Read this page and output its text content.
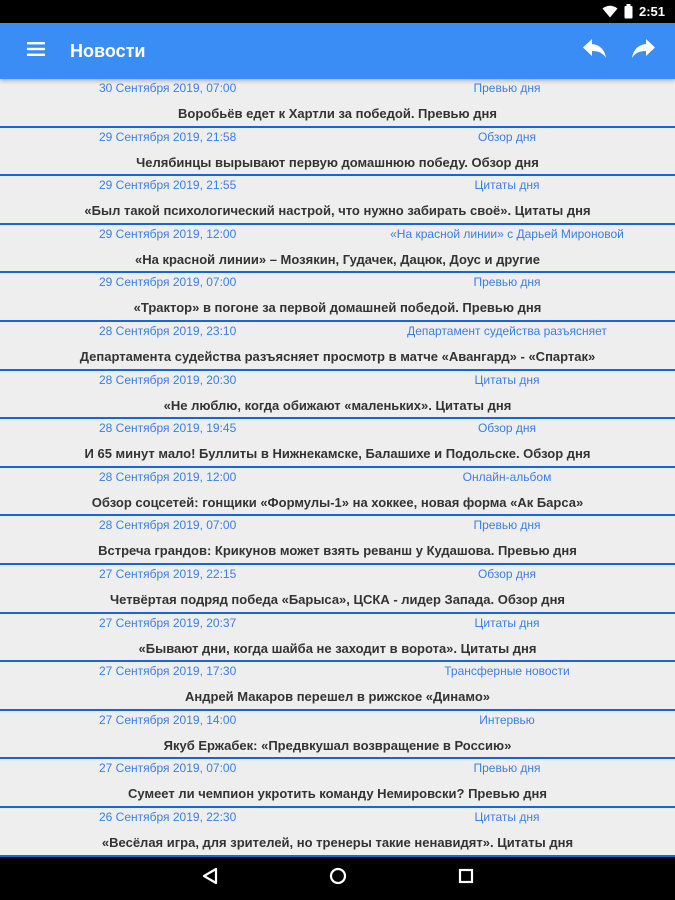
2:51
Новости
30 Сентября 2019, 07:00	Превью дня
Воробьёв едет к Хартли за победой. Превью дня
29 Сентября 2019, 21:58	Обзор дня
Челябинцы вырывают первую домашнюю победу. Обзор дня
29 Сентября 2019, 21:55	Цитаты дня
«Был такой психологический настрой, что нужно забирать своё». Цитаты дня
29 Сентября 2019, 12:00	«На красной линии» с Дарьей Мироновой
«На красной линии» – Мозякин, Гудачек, Дацюк, Доус и другие
29 Сентября 2019, 07:00	Превью дня
«Трактор» в погоне за первой домашней победой. Превью дня
28 Сентября 2019, 23:10	Департамент судейства разъясняет
Департамента судейства разъясняет просмотр в матче «Авангард» - «Спартак»
28 Сентября 2019, 20:30	Цитаты дня
«Не люблю, когда обижают «маленьких». Цитаты дня
28 Сентября 2019, 19:45	Обзор дня
И 65 минут мало! Буллиты в Нижнекамске, Балашихе и Подольске. Обзор дня
28 Сентября 2019, 12:00	Онлайн-альбом
Обзор соцсетей: гонщики «Формулы-1» на хоккее, новая форма «Ак Барса»
28 Сентября 2019, 07:00	Превью дня
Встреча грандов: Крикунов может взять реванш у Кудашова. Превью дня
27 Сентября 2019, 22:15	Обзор дня
Четвёртая подряд победа «Барыса», ЦСКА - лидер Запада. Обзор дня
27 Сентября 2019, 20:37	Цитаты дня
«Бывают дни, когда шайба не заходит в ворота». Цитаты дня
27 Сентября 2019, 17:30	Трансферные новости
Андрей Макаров перешел в рижское «Динамо»
27 Сентября 2019, 14:00	Интервью
Якуб Ержабек: «Предвкушал возвращение в Россию»
27 Сентября 2019, 07:00	Превью дня
Сумеет ли чемпион укротить команду Немировски? Превью дня
26 Сентября 2019, 22:30	Цитаты дня
«Весёлая игра, для зрителей, но тренеры такие ненавидят». Цитаты дня
